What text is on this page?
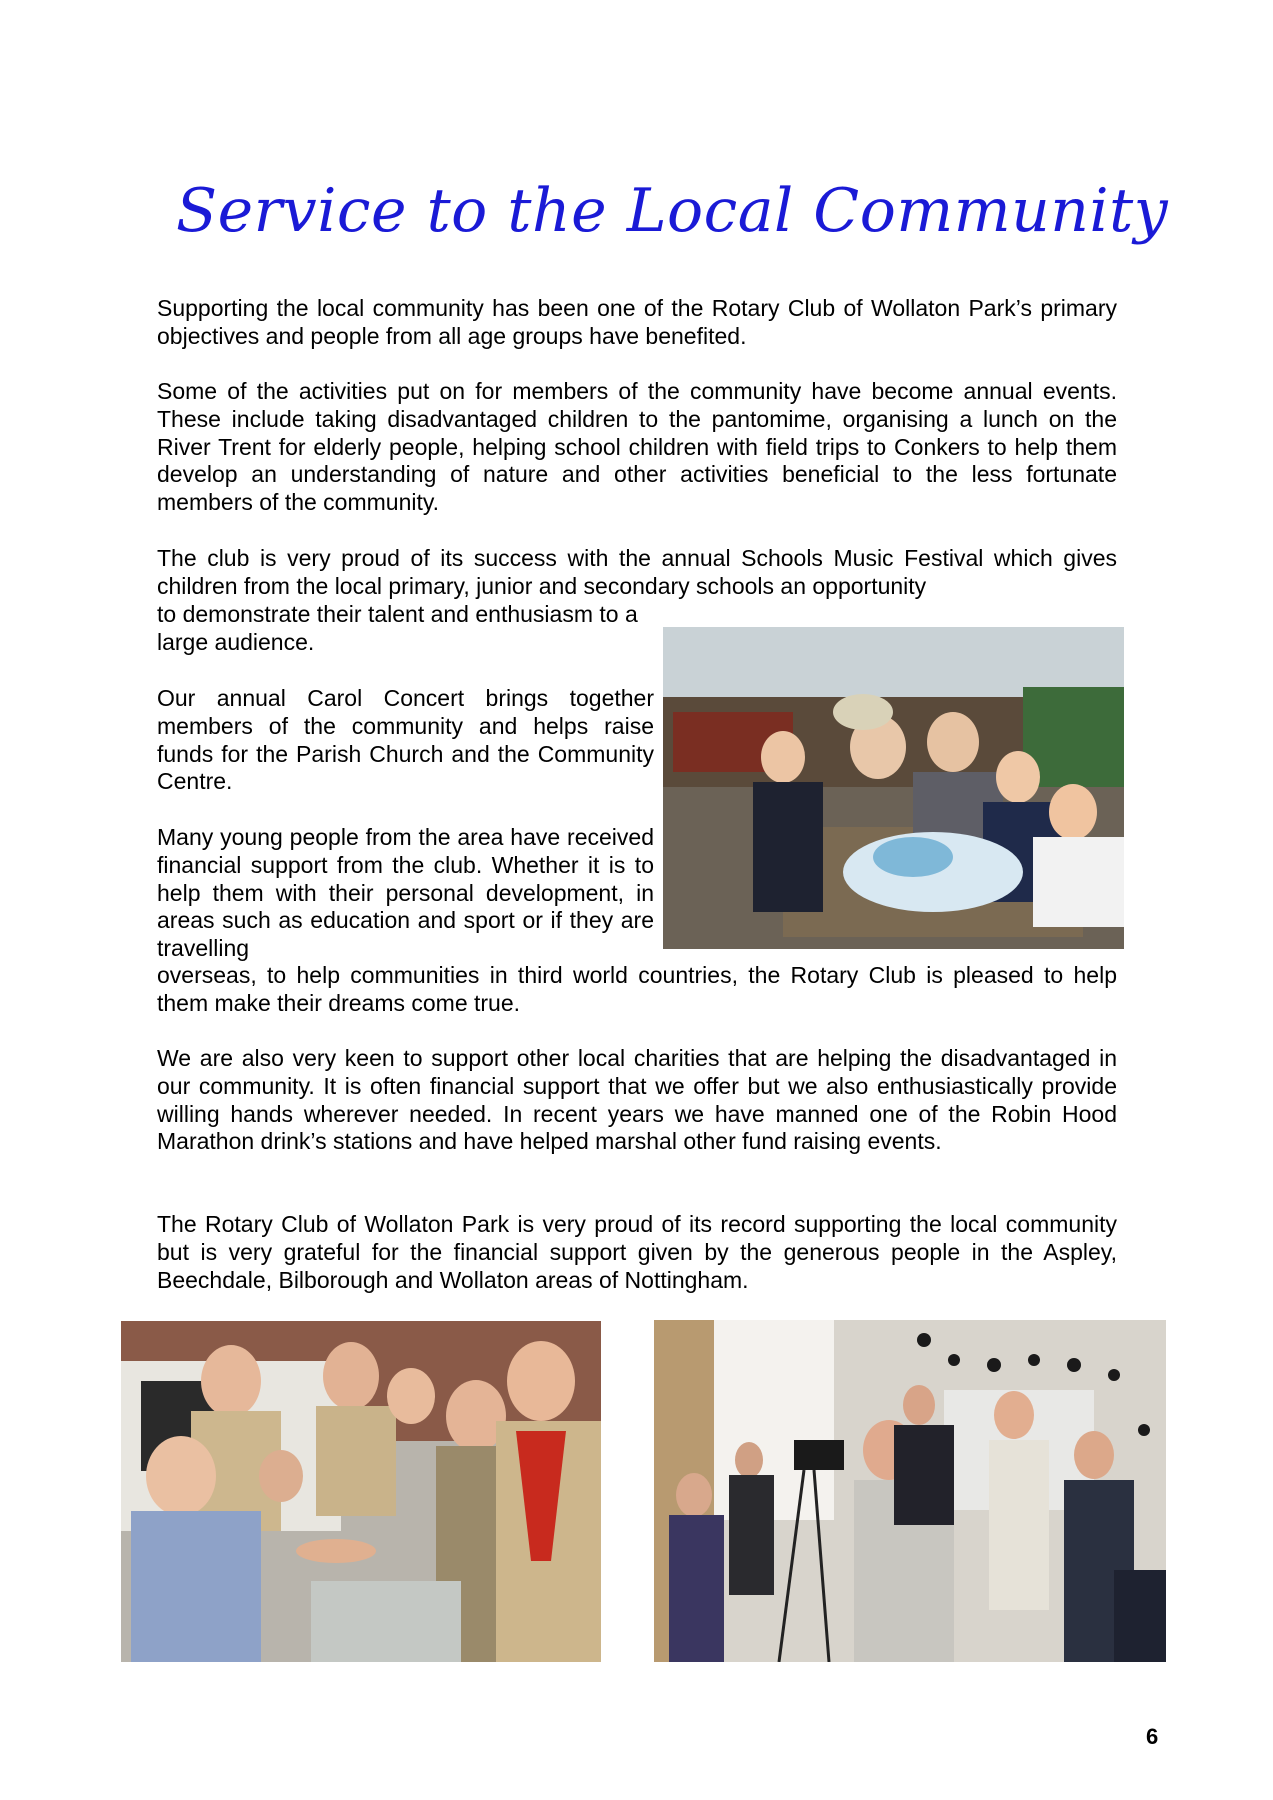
Service to the Local Community

Supporting the local community has been one of the Rotary Club of Wollaton Park’s primary objectives and people from all age groups have benefited.

Some of the activities put on for members of the community have become annual events. These include taking disadvantaged children to the pantomime, organising a lunch on the River Trent for elderly people, helping school children with field trips to Conkers to help them develop an understanding of nature and other activities beneficial to the less fortunate members of the community.

The club is very proud of its success with the annual Schools Music Festival which gives children from the local primary, junior and secondary schools an opportunity

to demonstrate their talent and enthusiasm to a large audience.

Our annual Carol Concert brings together members of the community and helps raise funds for the Parish Church and the Community Centre.

Many young people from the area have received financial support from the club. Whether it is to help them with their personal development, in areas such as education and sport or if they are travelling

overseas, to help communities in third world countries, the Rotary Club is pleased to help them make their dreams come true.

We are also very keen to support other local charities that are helping the disadvantaged in our community. It is often financial support that we offer but we also enthusiastically provide willing hands wherever needed. In recent years we have manned one of the Robin Hood Marathon drink’s stations and have helped marshal other fund raising events.

The Rotary Club of Wollaton Park is very proud of its record supporting the local community but is very grateful for the financial support given by the generous people in the Aspley, Beechdale, Bilborough and Wollaton areas of Nottingham.

6
